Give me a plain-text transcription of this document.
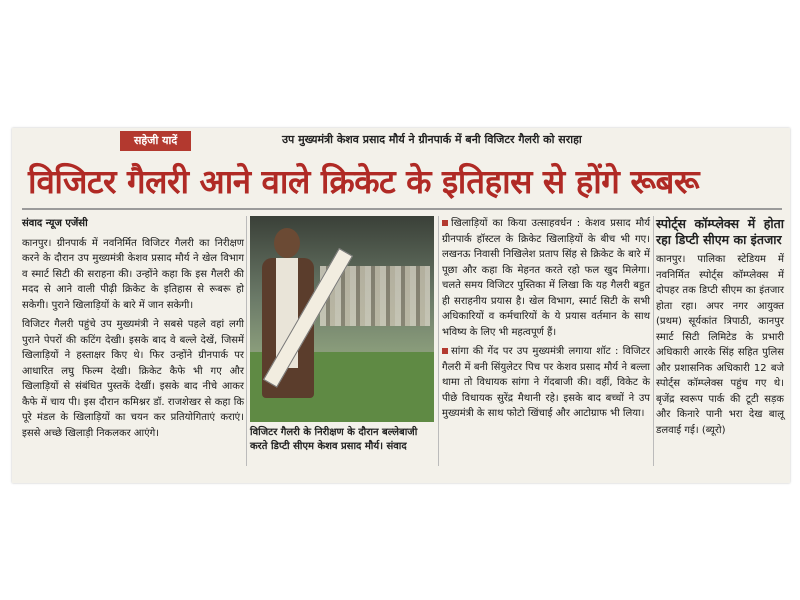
सहेजी यादें	उप मुख्यमंत्री केशव प्रसाद मौर्य ने ग्रीनपार्क में बनी विजिटर गैलरी को सराहा
विजिटर गैलरी आने वाले क्रिकेट के इतिहास से होंगे रूबरू
संवाद न्यूज एजेंसी

कानपुर। ग्रीनपार्क में नवनिर्मित विजिटर गैलरी का निरीक्षण करने के दौरान उप मुख्यमंत्री केशव प्रसाद मौर्य ने खेल विभाग व स्मार्ट सिटी की सराहना की। उन्होंने कहा कि इस गैलरी की मदद से आने वाली पीढ़ी क्रिकेट के इतिहास से रूबरू हो सकेगी। पुराने खिलाड़ियों के बारे में जान सकेगी।

विजिटर गैलरी पहुंचे उप मुख्यमंत्री ने सबसे पहले वहां लगी पुराने पेपरों की कटिंग देखी। इसके बाद वे बल्ले देखें, जिसमें खिलाड़ियों ने हस्ताक्षर किए थे। फिर उन्होंने ग्रीनपार्क पर आधारित लघु फिल्म देखी। क्रिकेट कैफे भी गए और खिलाड़ियों से संबंधित पुस्तकें देखीं। इसके बाद नीचे आकर कैफे में चाय पी। इस दौरान कमिश्नर डॉ. राजशेखर से कहा कि पूरे मंडल के खिलाड़ियों का चयन कर प्रतियोगिताएं कराएं। इससे अच्छे खिलाड़ी निकलकर आएंगे।	विजिटर गैलरी के निरीक्षण के दौरान बल्लेबाजी करते डिप्टी सीएम केशव प्रसाद मौर्य। संवाद

खिलाड़ियों का किया उत्साहवर्धन : केशव प्रसाद मौर्य ग्रीनपार्क हॉस्टल के क्रिकेट खिलाड़ियों के बीच भी गए। लखनऊ निवासी निखिलेश प्रताप सिंह से क्रिकेट के बारे में पूछा और कहा कि मेहनत करते रहो फल खुद मिलेगा। चलते समय विजिटर पुस्तिका में लिखा कि यह गैलरी बहुत ही सराहनीय प्रयास है। खेल विभाग, स्मार्ट सिटी के सभी अधिकारियों व कर्मचारियों के ये प्रयास वर्तमान के साथ भविष्य के लिए भी महत्वपूर्ण हैं।

सांगा की गेंद पर उप मुख्यमंत्री लगाया शॉट : विजिटर गैलरी में बनी सिंयुलेटर पिच पर केशव प्रसाद मौर्य ने बल्ला थामा तो विधायक सांगा ने गेंदबाजी की। वहीं, विकेट के पीछे विधायक सुरेंद्र मैथानी रहे। इसके बाद बच्चों ने उप मुख्यमंत्री के साथ फोटो खिंचाई और आटोग्राफ भी लिया।

स्पोर्ट्स कॉम्प्लेक्स में होता रहा डिप्टी सीएम का इंतजार

कानपुर। पालिका स्टेडियम में नवनिर्मित स्पोर्ट्स कॉम्प्लेक्स में दोपहर तक डिप्टी सीएम का इंतजार होता रहा। अपर नगर आयुक्त (प्रथम) सूर्यकांत त्रिपाठी, कानपुर स्मार्ट सिटी लिमिटेड के प्रभारी अधिकारी आरके सिंह सहित पुलिस और प्रशासनिक अधिकारी 12 बजे स्पोर्ट्स कॉम्प्लेक्स पहुंच गए थे। बृजेंद्र स्वरूप पार्क की टूटी सड़क और किनारे पानी भरा देख बालू डलवाई गई। (ब्यूरो)
